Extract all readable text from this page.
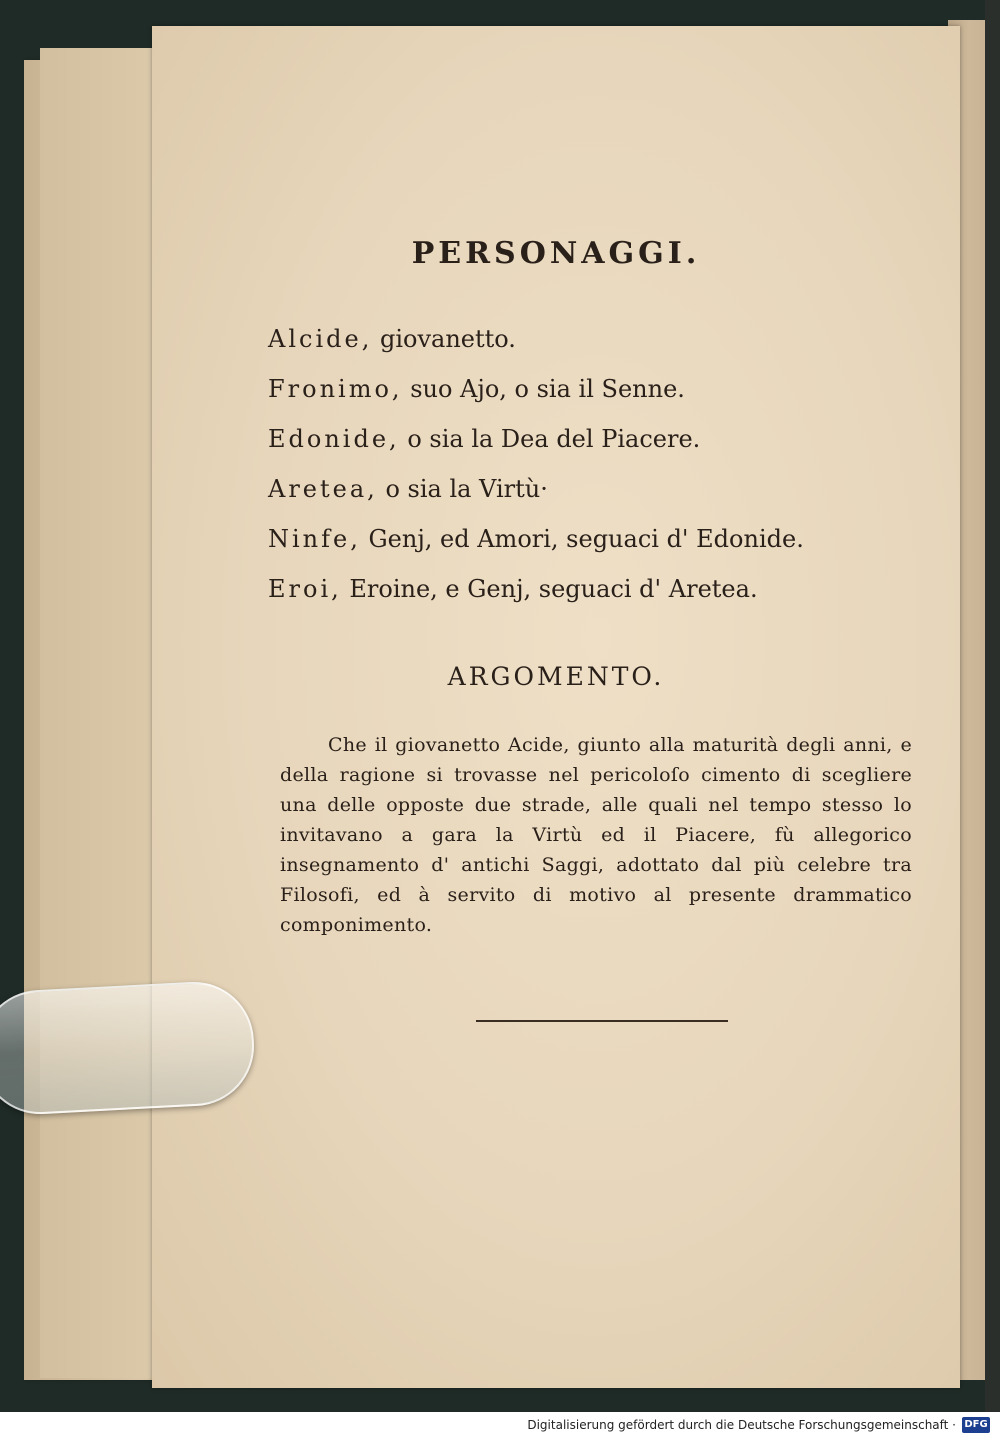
PERSONAGGI.
Alcide, giovanetto.
Fronimo, suo Ajo, o sia il Senne.
Edonide, o sia la Dea del Piacere.
Aretea, o sia la Virtù·
Ninfe, Genj, ed Amori, seguaci d' Edonide.
Eroi, Eroine, e Genj, seguaci d' Aretea.
ARGOMENTO.

Che il giovanetto Acide, giunto alla maturità degli anni, e della ragione si trovasse nel pericoloſo cimento di scegliere una delle opposte due strade, alle quali nel tempo stesso lo invitavano a gara la Virtù ed il Piacere, fù allegorico insegnamento d' antichi Saggi, adottato dal più celebre tra Filosofi, ed à servito di motivo al presente drammatico componimento.

Digitalisierung gefördert durch die Deutsche Forschungsgemeinschaft · DFG
